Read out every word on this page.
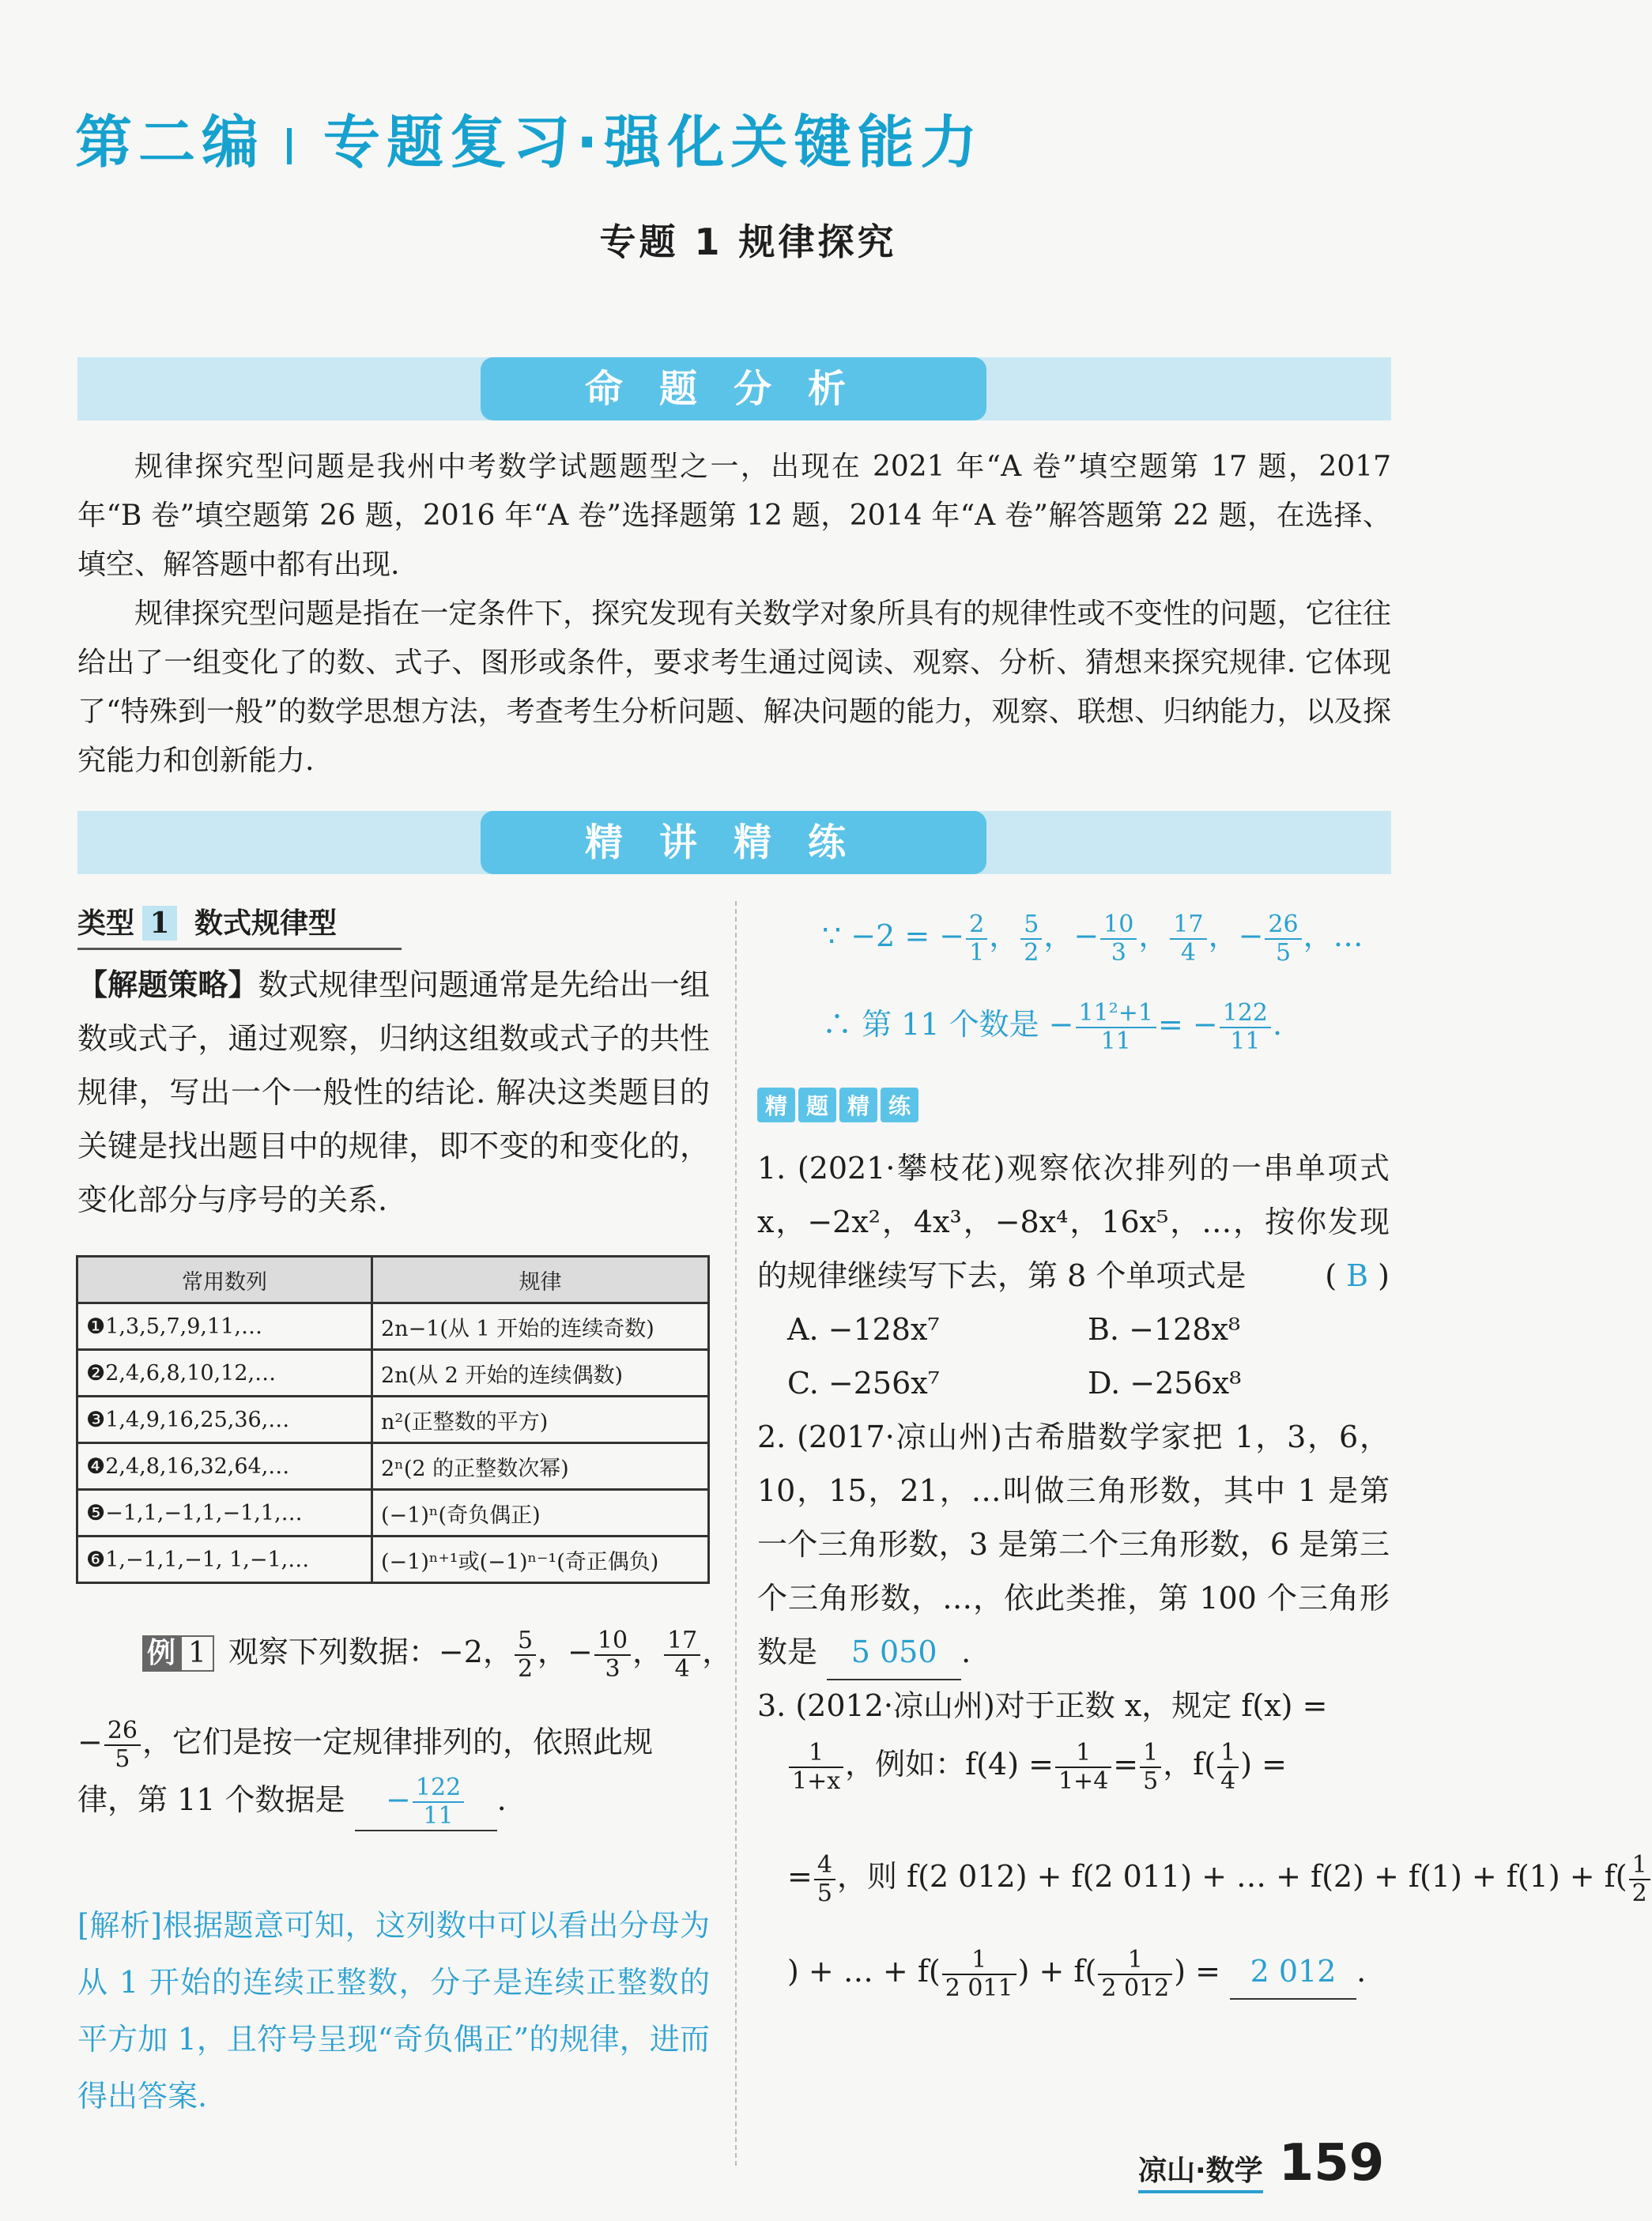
第二编 专题复习·强化关键能力
专题 1 规律探究
命题分析
规律探究型问题是我州中考数学试题题型之一，出现在 2021 年“A 卷”填空题第 17 题，2017 年“B 卷”填空题第 26 题，2016 年“A 卷”选择题第 12 题，2014 年“A 卷”解答题第 22 题，在选择、填空、解答题中都有出现.
规律探究型问题是指在一定条件下，探究发现有关数学对象所具有的规律性或不变性的问题，它往往给出了一组变化了的数、式子、图形或条件，要求考生通过阅读、观察、分析、猜想来探究规律. 它体现了“特殊到一般”的数学思想方法，考查考生分析问题、解决问题的能力，观察、联想、归纳能力，以及探究能力和创新能力.
精讲精练
类型 1 数式规律型
【解题策略】数式规律型问题通常是先给出一组数或式子，通过观察，归纳这组数或式子的共性规律，写出一个一般性的结论. 解决这类题目的关键是找出题目中的规律，即不变的和变化的，变化部分与序号的关系.
常用数列	规律
❶1,3,5,7,9,11,…	2n−1(从 1 开始的连续奇数)
❷2,4,6,8,10,12,…	2n(从 2 开始的连续偶数)
❸1,4,9,16,25,36,…	n²(正整数的平方)
❹2,4,8,16,32,64,…	2ⁿ(2 的正整数次幂)
❺−1,1,−1,1,−1,1,…	(−1)ⁿ(奇负偶正)
❻1,−1,1,−1, 1,−1,…	(−1)ⁿ⁺¹或(−1)ⁿ⁻¹(奇正偶负)
例 1 观察下列数据：−2， $\frac{5}{2}$ ，− $\frac{10}{3}$ ， $\frac{17}{4}$ ，
− $\frac{26}{5}$ ，它们是按一定规律排列的，依照此规律，第 11 个数据是 − $\frac{122}{11}$ .
[解析]根据题意可知，这列数中可以看出分母为从 1 开始的连续正整数，分子是连续正整数的平方加 1，且符号呈现“奇负偶正”的规律，进而得出答案.
∵ −2 = − $\frac{2}{1}$ ， $\frac{5}{2}$ ，− $\frac{10}{3}$ ， $\frac{17}{4}$ ，− $\frac{26}{5}$ ，…
∴ 第 11 个数是 − $\frac{\text{11²+1}}{11}$ = − $\frac{122}{11}$ .
精 题 精 练
1. (2021·攀枝花)观察依次排列的一串单项式 x，−2x²，4x³，−8x⁴，16x⁵，…，按你发现的规律继续写下去，第 8 个单项式是	( B )
A. −128x⁷	B. −128x⁸
C. −256x⁷	D. −256x⁸
2. (2017·凉山州)古希腊数学家把 1，3，6，10，15，21，…叫做三角形数，其中 1 是第一个三角形数，3 是第二个三角形数，6 是第三个三角形数，…，依此类推，第 100 个三角形数是 5 050 .
3. (2012·凉山州)对于正数 x，规定 f(x) =
$\frac{1}{1+x}$ ，例如：$f(4) = \frac{1}{1+4} = \frac{1}{5}$ ，$f( \frac{1}{4}$ ) =
= $\frac{4}{5}$ ，则 f(2 012) + f(2 011) + … + $f(2) + f(1) + f(1) + f( \frac{1}{2}$
) + … + $f( \frac{1}{2 011}$ ) + $f( \frac{1}{2 012}$ ) = 2 012 .
凉山·数学 159
